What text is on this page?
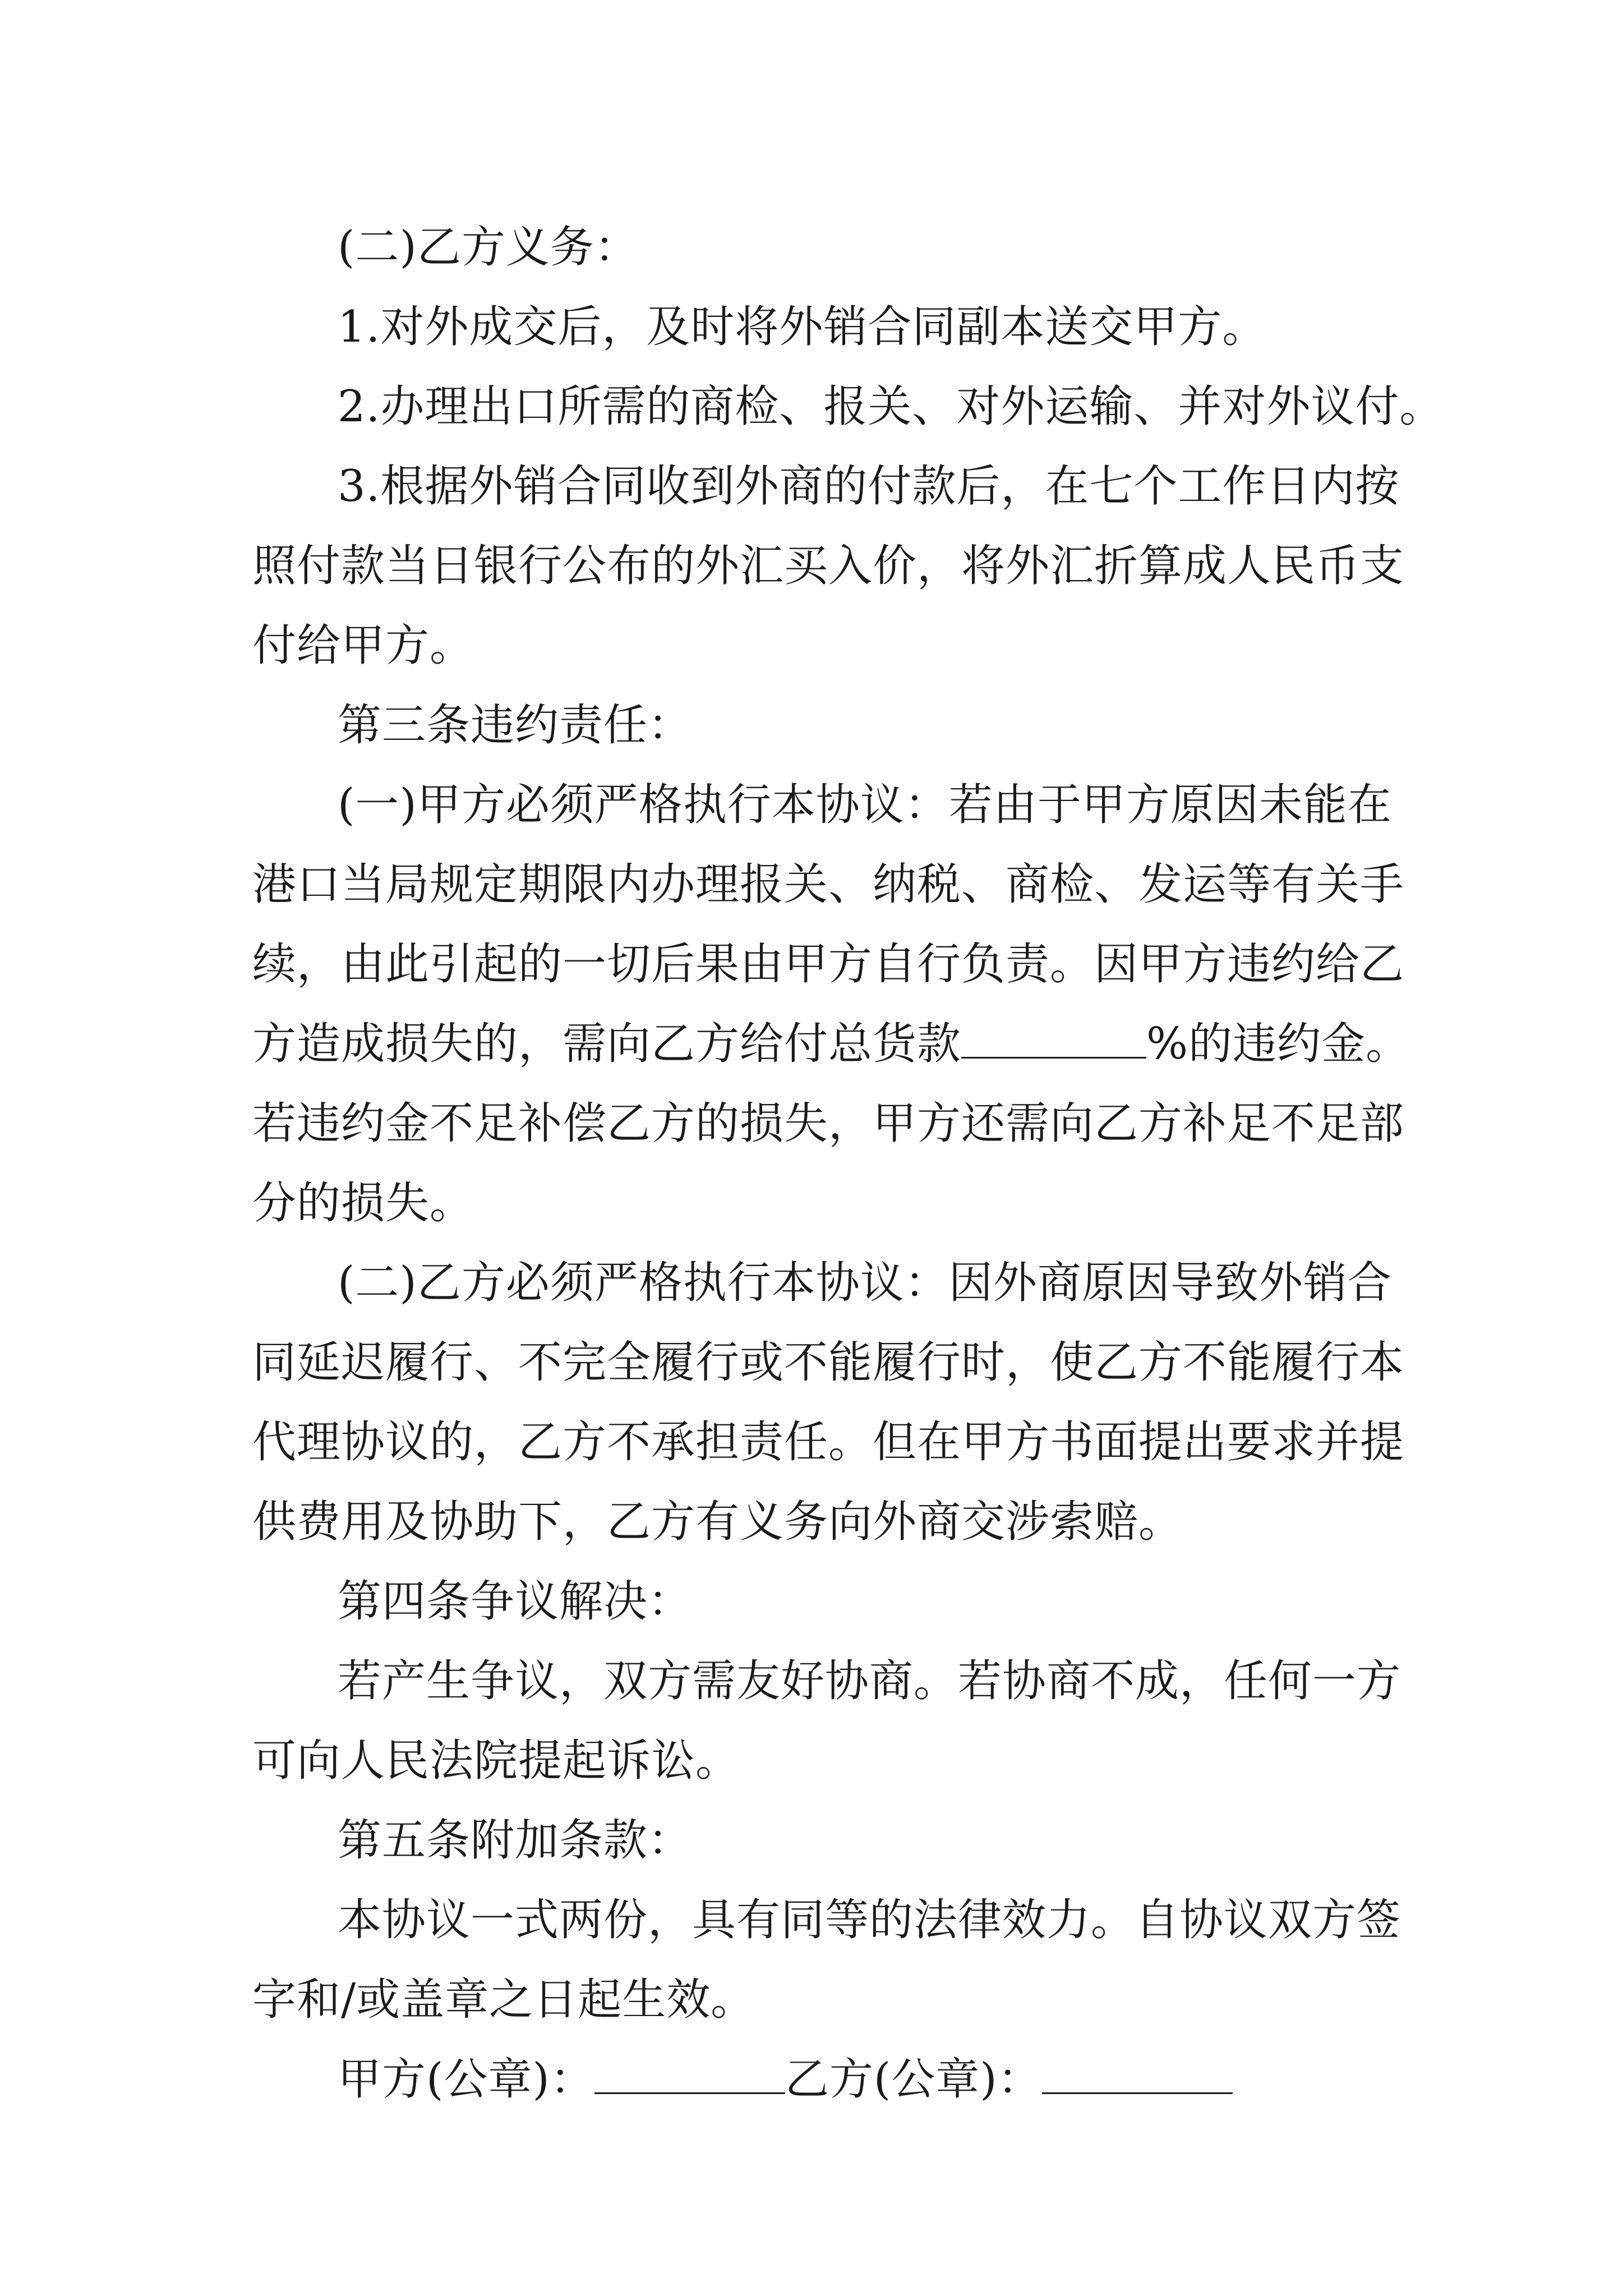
(二)乙方义务：
1.对外成交后，及时将外销合同副本送交甲方。
2.办理出口所需的商检、报关、对外运输、并对外议付。
3.根据外销合同收到外商的付款后，在七个工作日内按
照付款当日银行公布的外汇买入价，将外汇折算成人民币支
付给甲方。
第三条违约责任：
(一)甲方必须严格执行本协议：若由于甲方原因未能在
港口当局规定期限内办理报关、纳税、商检、发运等有关手
续，由此引起的一切后果由甲方自行负责。因甲方违约给乙
方造成损失的，需向乙方给付总货款	%的违约金。
若违约金不足补偿乙方的损失，甲方还需向乙方补足不足部
分的损失。
(二)乙方必须严格执行本协议：因外商原因导致外销合
同延迟履行、不完全履行或不能履行时，使乙方不能履行本
代理协议的，乙方不承担责任。但在甲方书面提出要求并提
供费用及协助下，乙方有义务向外商交涉索赔。
第四条争议解决：
若产生争议，双方需友好协商。若协商不成，任何一方
可向人民法院提起诉讼。
第五条附加条款：
本协议一式两份，具有同等的法律效力。自协议双方签
字和/或盖章之日起生效。
甲方(公章)：	乙方(公章)：
